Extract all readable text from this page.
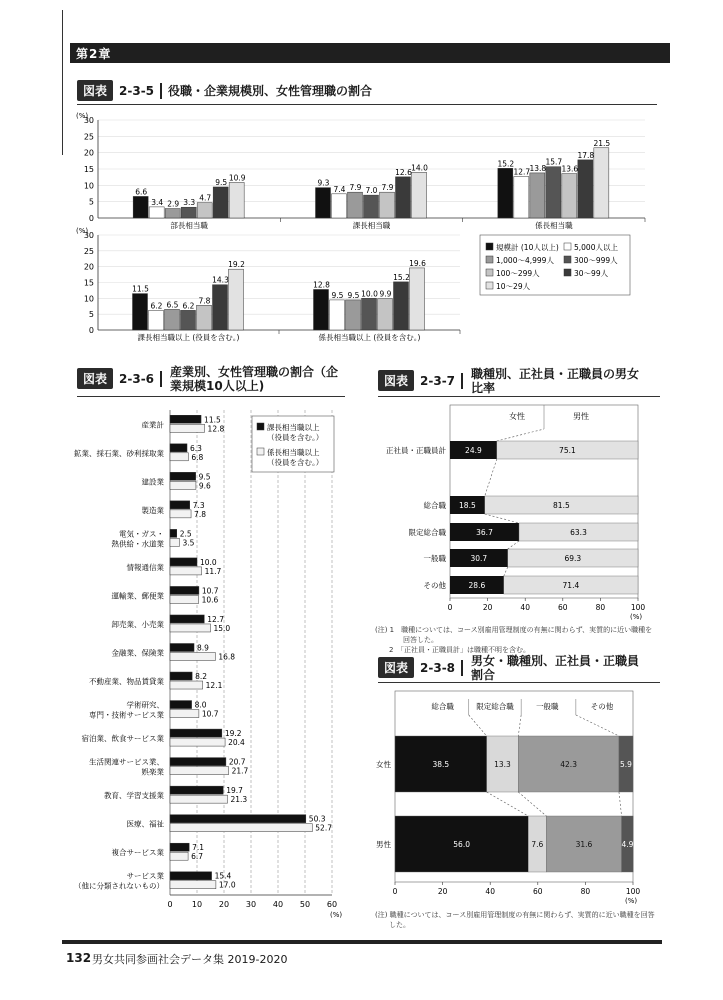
第2章
図表 2-3-5 役職・企業規模別、女性管理職の割合
(%)
0
5
10
15
20
25
30
6.6
3.4 2.9 3.3
4.7
9.5
10.9
部長相当職
9.3
7.4 7.9 7.0 7.9
12.6
14.0
課長相当職
15.2
12.7 13.8
15.7
13.6
17.8
21.5
係長相当職
(%)
0
5
10
15
20
25
30
11.5
6.2 6.5 6.2
7.8
14.3
19.2
課長相当職以上 (役員を含む。)
12.8
9.5 9.5 10.0 9.9
15.2
19.6
係長相当職以上 (役員を含む。)
規模計 (10人以上) 5,000人以上
1,000〜4,999人	300〜999人
100〜299人	30〜99人
10〜29人
図表 2-3-6	産業別、女性管理職の割合（企
業規模10人以上)
0 10 20 30 40 50 60
(%)
産業計
11.5
12.8
鉱業、採石業、砂利採取業
6.3
6.8
建設業
9.5
9.6
製造業
7.3
7.8
電気・ガス・
熱供給・水道業
2.5
3.5
情報通信業
10.0
11.7
運輸業、郵便業
10.7
10.6
卸売業、小売業
12.7
15.0
金融業、保険業
8.9
16.8
不動産業、物品賃貸業
8.2
12.1
学術研究、
専門・技術サービス業
8.0
10.7
宿泊業、飲食サービス業
19.2
20.4
生活関連サービス業、
娯楽業
20.7
21.7
教育、学習支援業
19.7
21.3
医療、福祉
50.3
52.7
複合サービス業
7.1
6.7
サービス業
（他に分類されないもの）
15.4
17.0
課長相当職以上
（役員を含む。）
係長相当職以上
（役員を含む。）
図表 2-3-7	職種別、正社員・正職員の男女
比率
女性	男性
正社員・正職員計	24.9	75.1
総合職 18.5	81.5
限定総合職	36.7	63.3
一般職	30.7	69.3
その他	28.6	71.4
0	20	40	60	80	100
(%)
(注) 1　職種については、コース別雇用管理制度の有無に関わらず、実質的に近い職種を
　　　　回答した。
　　2　「正社員・正職員計」は職種不明を含む。
図表 2-3-8	男女・職種別、正社員・正職員
割合
総合職	限定総合職	一般職	その他
女性	38.5	13.3	42.3	5.9
男性	56.0	7.6	31.6	4.9
0	20	40	60	80	100
(%)
(注) 職種については、コース別雇用管理制度の有無に関わらず、実質的に近い職種を回答
　　した。
132 男女共同参画社会データ集 2019-2020
